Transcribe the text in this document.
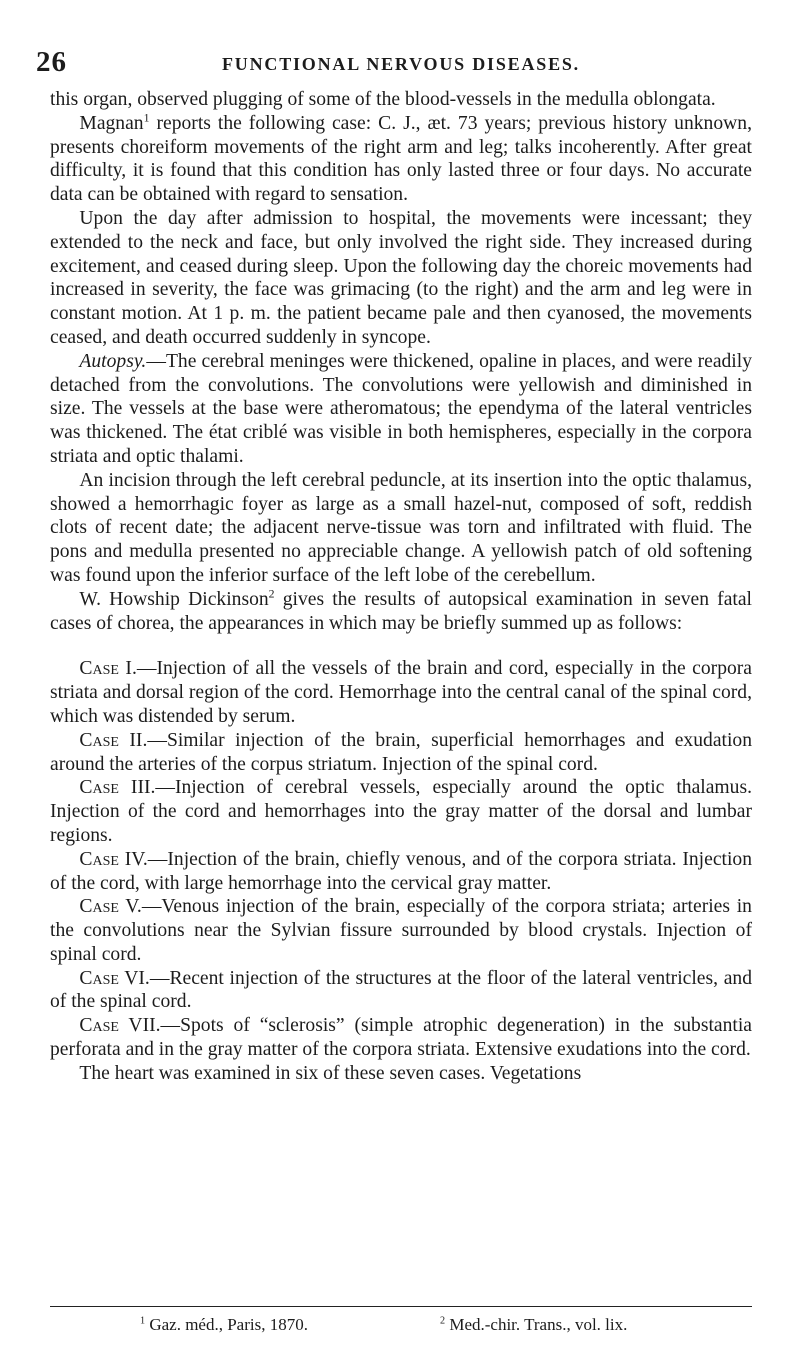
26	FUNCTIONAL NERVOUS DISEASES.

this organ, observed plugging of some of the blood-vessels in the medulla oblongata.

Magnan$^1$ reports the following case: C. J., æt. 73 years; previous history unknown, presents choreiform movements of the right arm and leg; talks incoherently. After great difficulty, it is found that this condition has only lasted three or four days. No accurate data can be obtained with regard to sensation.

Upon the day after admission to hospital, the movements were incessant; they extended to the neck and face, but only involved the right side. They increased during excitement, and ceased during sleep. Upon the following day the choreic movements had increased in severity, the face was grimacing (to the right) and the arm and leg were in constant motion. At 1 p. m. the patient became pale and then cyanosed, the movements ceased, and death occurred suddenly in syncope.

Autopsy.—The cerebral meninges were thickened, opaline in places, and were readily detached from the convolutions. The convolutions were yellowish and diminished in size. The vessels at the base were atheromatous; the ependyma of the lateral ventricles was thickened. The état criblé was visible in both hemispheres, especially in the corpora striata and optic thalami.

An incision through the left cerebral peduncle, at its insertion into the optic thalamus, showed a hemorrhagic foyer as large as a small hazel-nut, composed of soft, reddish clots of recent date; the adjacent nerve-tissue was torn and infiltrated with fluid. The pons and medulla presented no appreciable change. A yellowish patch of old softening was found upon the inferior surface of the left lobe of the cerebellum.

W. Howship Dickinson$^2$ gives the results of autopsical examination in seven fatal cases of chorea, the appearances in which may be briefly summed up as follows:

Case I.—Injection of all the vessels of the brain and cord, especially in the corpora striata and dorsal region of the cord. Hemorrhage into the central canal of the spinal cord, which was distended by serum.

Case II.—Similar injection of the brain, superficial hemorrhages and exudation around the arteries of the corpus striatum. Injection of the spinal cord.

Case III.—Injection of cerebral vessels, especially around the optic thalamus. Injection of the cord and hemorrhages into the gray matter of the dorsal and lumbar regions.

Case IV.—Injection of the brain, chiefly venous, and of the corpora striata. Injection of the cord, with large hemorrhage into the cervical gray matter.

Case V.—Venous injection of the brain, especially of the corpora striata; arteries in the convolutions near the Sylvian fissure surrounded by blood crystals. Injection of spinal cord.

Case VI.—Recent injection of the structures at the floor of the lateral ventricles, and of the spinal cord.

Case VII.—Spots of “sclerosis” (simple atrophic degeneration) in the substantia perforata and in the gray matter of the corpora striata. Extensive exudations into the cord.

The heart was examined in six of these seven cases. Vegetations

$^1$ Gaz. méd., Paris, 1870.	$^2$ Med.-chir. Trans., vol. lix.
